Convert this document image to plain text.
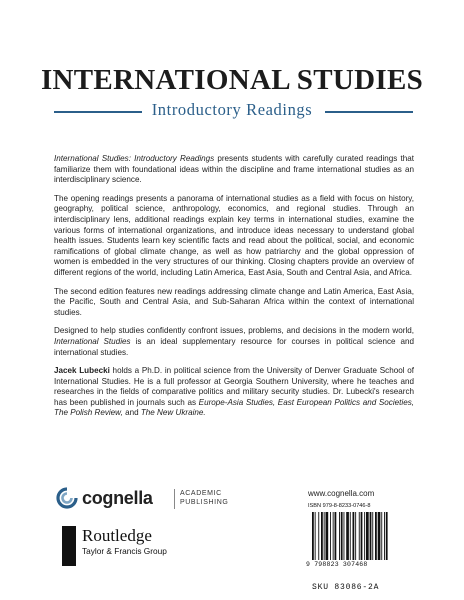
INTERNATIONAL STUDIES
Introductory Readings

International Studies: Introductory Readings presents students with carefully curated readings that familiarize them with foundational ideas within the discipline and frame international studies as an interdisciplinary science.

The opening readings presents a panorama of international studies as a field with focus on history, geography, political science, anthropology, economics, and regional studies. Through an interdisciplinary lens, additional readings explain key terms in international studies, examine the various forms of international organizations, and introduce ideas necessary to understand global health issues. Students learn key scientific facts and read about the political, social, and economic ramifications of global climate change, as well as how patriarchy and the global oppression of women is embedded in the very structures of our thinking. Closing chapters provide an overview of different regions of the world, including Latin America, East Asia, South and Central Asia, and Africa.

The second edition features new readings addressing climate change and Latin America, East Asia, the Pacific, South and Central Asia, and Sub-Saharan Africa within the context of international studies.

Designed to help studies confidently confront issues, problems, and decisions in the modern world, International Studies is an ideal supplementary resource for courses in political science and international studies.

Jacek Lubecki holds a Ph.D. in political science from the University of Denver Graduate School of International Studies. He is a full professor at Georgia Southern University, where he teaches and researches in the fields of comparative politics and military security studies. Dr. Lubecki's research has been published in journals such as Europe-Asia Studies, East European Politics and Societies, The Polish Review, and The New Ukraine.

cognella	ACADEMIC
PUBLISHING
Routledge
Taylor & Francis Group
www.cognella.com
ISBN 979-8-8233-0746-8
9 798823 307468
SKU 83086-2A
